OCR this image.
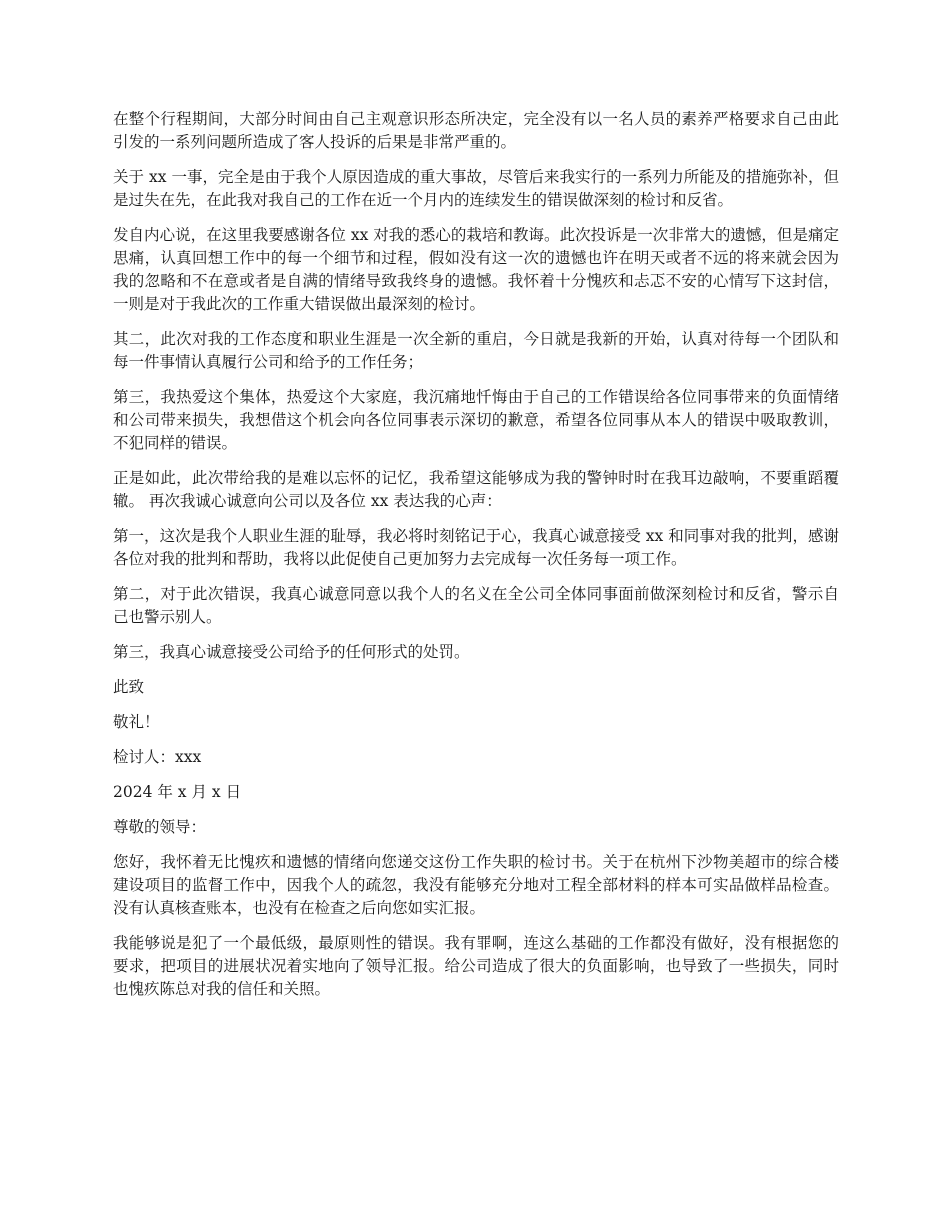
在整个行程期间，大部分时间由自己主观意识形态所决定，完全没有以一名人员的素养严格要求自己由此引发的一系列问题所造成了客人投诉的后果是非常严重的。

关于 xx 一事，完全是由于我个人原因造成的重大事故，尽管后来我实行的一系列力所能及的措施弥补，但是过失在先，在此我对我自己的工作在近一个月内的连续发生的错误做深刻的检讨和反省。

发自内心说，在这里我要感谢各位 xx 对我的悉心的栽培和教诲。此次投诉是一次非常大的遗憾，但是痛定思痛，认真回想工作中的每一个细节和过程，假如没有这一次的遗憾也许在明天或者不远的将来就会因为我的忽略和不在意或者是自满的情绪导致我终身的遗憾。我怀着十分愧疚和忐忑不安的心情写下这封信，一则是对于我此次的工作重大错误做出最深刻的检讨。

其二，此次对我的工作态度和职业生涯是一次全新的重启，今日就是我新的开始，认真对待每一个团队和每一件事情认真履行公司和给予的工作任务；

第三，我热爱这个集体，热爱这个大家庭，我沉痛地忏悔由于自己的工作错误给各位同事带来的负面情绪和公司带来损失，我想借这个机会向各位同事表示深切的歉意，希望各位同事从本人的错误中吸取教训，不犯同样的错误。

正是如此，此次带给我的是难以忘怀的记忆，我希望这能够成为我的警钟时时在我耳边敲响，不要重蹈覆辙。 再次我诚心诚意向公司以及各位 xx 表达我的心声：

第一，这次是我个人职业生涯的耻辱，我必将时刻铭记于心，我真心诚意接受 xx 和同事对我的批判，感谢各位对我的批判和帮助，我将以此促使自己更加努力去完成每一次任务每一项工作。

第二，对于此次错误，我真心诚意同意以我个人的名义在全公司全体同事面前做深刻检讨和反省，警示自己也警示别人。

第三，我真心诚意接受公司给予的任何形式的处罚。

此致

敬礼！

检讨人：xxx

2024 年 x 月 x 日

尊敬的领导：

您好，我怀着无比愧疚和遗憾的情绪向您递交这份工作失职的检讨书。关于在杭州下沙物美超市的综合楼建设项目的监督工作中，因我个人的疏忽，我没有能够充分地对工程全部材料的样本可实品做样品检查。没有认真核查账本，也没有在检查之后向您如实汇报。

我能够说是犯了一个最低级，最原则性的错误。我有罪啊，连这么基础的工作都没有做好，没有根据您的要求，把项目的进展状况着实地向了领导汇报。给公司造成了很大的负面影响，也导致了一些损失，同时也愧疚陈总对我的信任和关照。
